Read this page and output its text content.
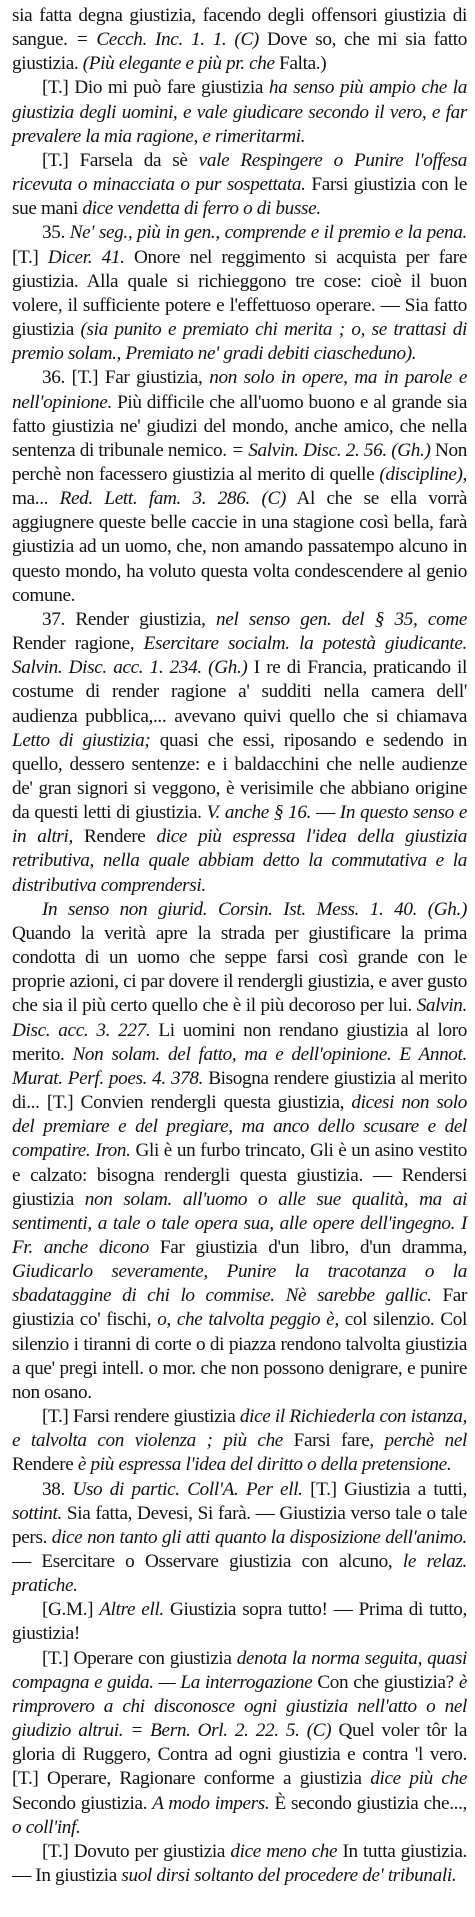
sia fatta degna giustizia, facendo degli offensori giustizia di sangue. = Cecch. Inc. 1. 1. (C) Dove so, che mi sia fatto giustizia. (Più elegante e più pr. che Falta.)

[T.] Dio mi può fare giustizia ha senso più ampio che la giustizia degli uomini, e vale giudicare secondo il vero, e far prevalere la mia ragione, e rimeritarmi.

[T.] Farsela da sè vale Respingere o Punire l'offesa ricevuta o minacciata o pur sospettata. Farsi giustizia con le sue mani dice vendetta di ferro o di busse.

35. Ne' seg., più in gen., comprende e il premio e la pena. [T.] Dicer. 41. Onore nel reggimento si acquista per fare giustizia. Alla quale si richieggono tre cose: cioè il buon volere, il sufficiente potere e l'effettuoso operare. — Sia fatto giustizia (sia punito e premiato chi merita ; o, se trattasi di premio solam., Premiato ne' gradi debiti ciascheduno).

36. [T.] Far giustizia, non solo in opere, ma in parole e nell'opinione. Più difficile che all'uomo buono e al grande sia fatto giustizia ne' giudizi del mondo, anche amico, che nella sentenza di tribunale nemico. = Salvin. Disc. 2. 56. (Gh.) Non perchè non facessero giustizia al merito di quelle (discipline), ma... Red. Lett. fam. 3. 286. (C) Al che se ella vorrà aggiugnere queste belle caccie in una stagione così bella, farà giustizia ad un uomo, che, non amando passatempo alcuno in questo mondo, ha voluto questa volta condescendere al genio comune.

37. Render giustizia, nel senso gen. del § 35, come Render ragione, Esercitare socialm. la potestà giudicante. Salvin. Disc. acc. 1. 234. (Gh.) I re di Francia, praticando il costume di render ragione a' sudditi nella camera dell' audienza pubblica,... avevano quivi quello che si chiamava Letto di giustizia; quasi che essi, riposando e sedendo in quello, dessero sentenze: e i baldacchini che nelle audienze de' gran signori si veggono, è verisimile che abbiano origine da questi letti di giustizia. V. anche § 16. — In questo senso e in altri, Rendere dice più espressa l'idea della giustizia retributiva, nella quale abbiam detto la commutativa e la distributiva comprendersi.

In senso non giurid. Corsin. Ist. Mess. 1. 40. (Gh.) Quando la verità apre la strada per giustificare la prima condotta di un uomo che seppe farsi così grande con le proprie azioni, ci par dovere il rendergli giustizia, e aver gusto che sia il più certo quello che è il più decoroso per lui. Salvin. Disc. acc. 3. 227. Li uomini non rendano giustizia al loro merito. Non solam. del fatto, ma e dell'opinione. E Annot. Murat. Perf. poes. 4. 378. Bisogna rendere giustizia al merito di... [T.] Convien rendergli questa giustizia, dicesi non solo del premiare e del pregiare, ma anco dello scusare e del compatire. Iron. Gli è un furbo trincato, Gli è un asino vestito e calzato: bisogna rendergli questa giustizia. — Rendersi giustizia non solam. all'uomo o alle sue qualità, ma ai sentimenti, a tale o tale opera sua, alle opere dell'ingegno. I Fr. anche dicono Far giustizia d'un libro, d'un dramma, Giudicarlo severamente, Punire la tracotanza o la sbadataggine di chi lo commise. Nè sarebbe gallic. Far giustizia co' fischi, o, che talvolta peggio è, col silenzio. Col silenzio i tiranni di corte o di piazza rendono talvolta giustizia a que' pregi intell. o mor. che non possono denigrare, e punire non osano.

[T.] Farsi rendere giustizia dice il Richiederla con istanza, e talvolta con violenza ; più che Farsi fare, perchè nel Rendere è più espressa l'idea del diritto o della pretensione.

38. Uso di partic. Coll'A. Per ell. [T.] Giustizia a tutti, sottint. Sia fatta, Devesi, Si farà. — Giustizia verso tale o tale pers. dice non tanto gli atti quanto la disposizione dell'animo. — Esercitare o Osservare giustizia con alcuno, le relaz. pratiche.

[G.M.] Altre ell. Giustizia sopra tutto! — Prima di tutto, giustizia!

[T.] Operare con giustizia denota la norma seguita, quasi compagna e guida. — La interrogazione Con che giustizia? è rimprovero a chi disconosce ogni giustizia nell'atto o nel giudizio altrui. = Bern. Orl. 2. 22. 5. (C) Quel voler tôr la gloria di Ruggero, Contra ad ogni giustizia e contra 'l vero. [T.] Operare, Ragionare conforme a giustizia dice più che Secondo giustizia. A modo impers. È secondo giustizia che..., o coll'inf.

[T.] Dovuto per giustizia dice meno che In tutta giustizia. — In giustizia suol dirsi soltanto del procedere de' tribunali.
